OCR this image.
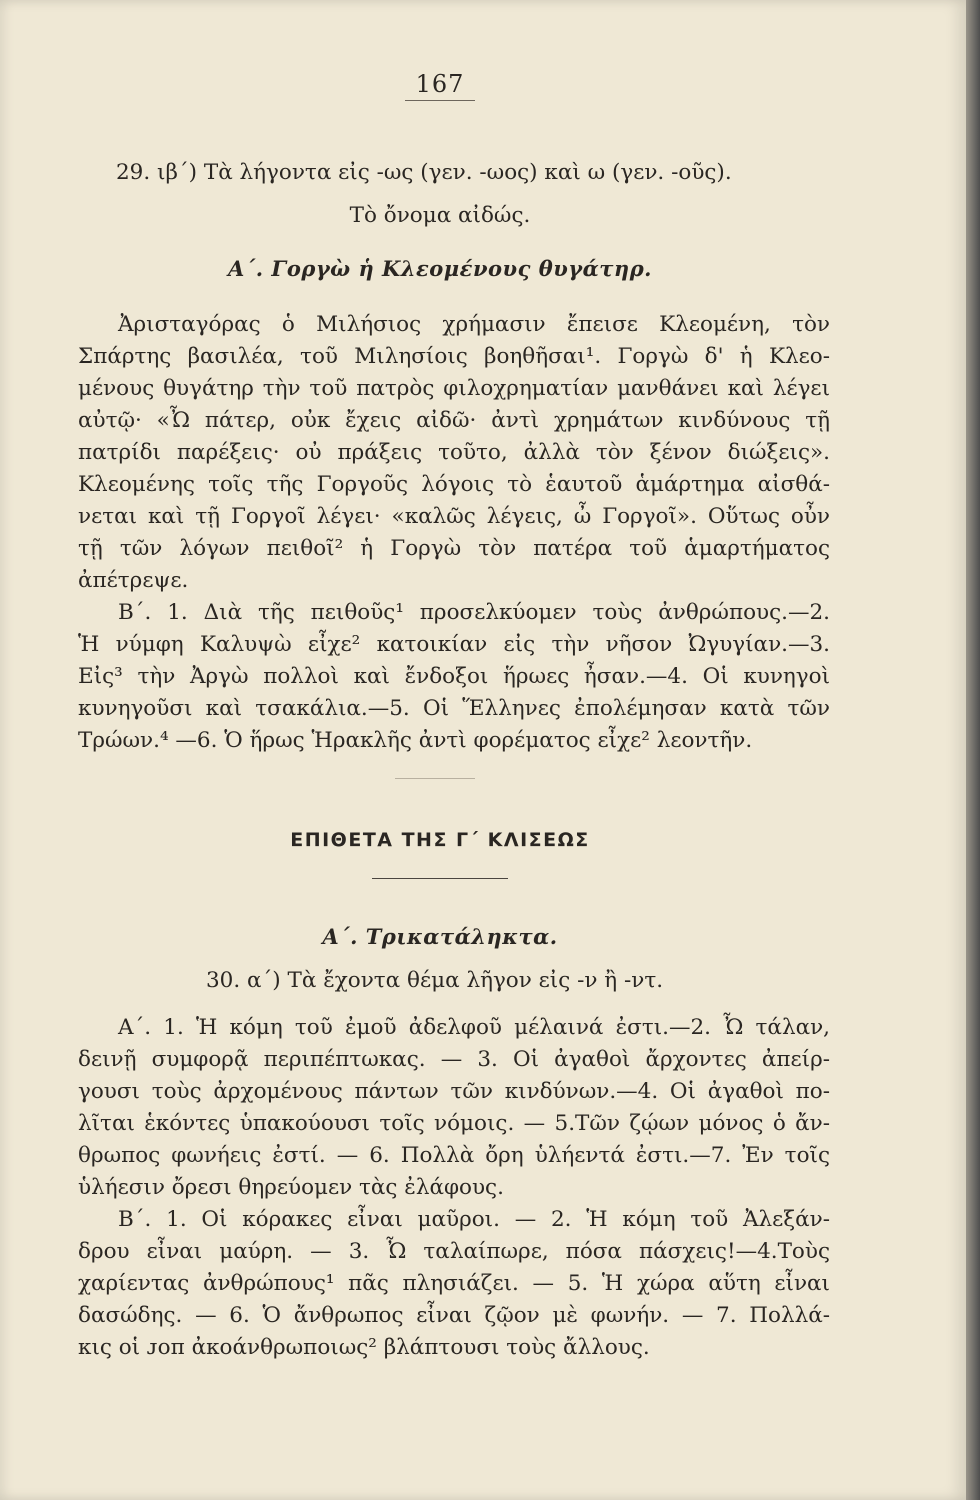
167
29. ιβ΄) Τὰ λήγοντα εἰς -ως (γεν. -ωος) καὶ ω (γεν. -οῦς).
Τὸ ὄνομα αἰδώς.
Α΄. Γοργὼ ἡ Κλεομένους θυγάτηρ.
Ἀρισταγόρας ὁ Μιλήσιος χρήμασιν ἔπεισε Κλεομένη, τὸν
Σπάρτης βασιλέα, τοῦ Μιλησίοις βοηθῆσαι¹. Γοργὼ δ' ἡ Κλεο-
μένους θυγάτηρ τὴν τοῦ πατρὸς φιλοχρηματίαν μανθάνει καὶ λέγει
αὐτῷ· «Ὦ πάτερ, οὐκ ἔχεις αἰδῶ· ἀντὶ χρημάτων κινδύνους τῇ
πατρίδι παρέξεις· οὐ πράξεις τοῦτο, ἀλλὰ τὸν ξένον διώξεις».
Κλεομένης τοῖς τῆς Γοργοῦς λόγοις τὸ ἑαυτοῦ ἁμάρτημα αἰσθά-
νεται καὶ τῇ Γοργοῖ λέγει· «καλῶς λέγεις, ὦ Γοργοῖ». Οὕτως οὖν
τῇ τῶν λόγων πειθοῖ² ἡ Γοργὼ τὸν πατέρα τοῦ ἁμαρτήματος
ἀπέτρεψε.
Β΄. 1. Διὰ τῆς πειθοῦς¹ προσελκύομεν τοὺς ἀνθρώπους.—2.
Ἡ νύμφη Καλυψὼ εἶχε² κατοικίαν εἰς τὴν νῆσον Ὠγυγίαν.—3.
Εἰς³ τὴν Ἀργὼ πολλοὶ καὶ ἔνδοξοι ἥρωες ἦσαν.—4. Οἱ κυνηγοὶ
κυνηγοῦσι καὶ τσακάλια.—5. Οἱ Ἕλληνες ἐπολέμησαν κατὰ τῶν
Τρώων.⁴ —6. Ὁ ἥρως Ἡρακλῆς ἀντὶ φορέματος εἶχε² λεοντῆν.
ΕΠΙΘΕΤΑ ΤΗΣ Γ΄ ΚΛΙΣΕΩΣ
Α΄. Τρικατάληκτα.
30. α΄) Τὰ ἔχοντα θέμα λῆγον εἰς -ν ἢ -ντ.
Α΄. 1. Ἡ κόμη τοῦ ἐμοῦ ἀδελφοῦ μέλαινά ἐστι.—2. Ὦ τάλαν,
δεινῇ συμφορᾷ περιπέπτωκας. — 3. Οἱ ἀγαθοὶ ἄρχοντες ἀπείρ-
γουσι τοὺς ἀρχομένους πάντων τῶν κινδύνων.—4. Οἱ ἀγαθοὶ πο-
λῖται ἑκόντες ὑπακούουσι τοῖς νόμοις. — 5.Τῶν ζῴων μόνος ὁ ἄν-
θρωπος φωνήεις ἐστί. — 6. Πολλὰ ὄρη ὑλήεντά ἐστι.—7. Ἐν τοῖς
ὑλήεσιν ὄρεσι θηρεύομεν τὰς ἐλάφους.
Β΄. 1. Οἱ κόρακες εἶναι μαῦροι. — 2. Ἡ κόμη τοῦ Ἀλεξάν-
δρου εἶναι μαύρη. — 3. Ὦ ταλαίπωρε, πόσα πάσχεις!—4.Τοὺς
χαρίεντας ἀνθρώπους¹ πᾶς πλησιάζει. — 5. Ἡ χώρα αὕτη εἶναι
δασώδης. — 6. Ὁ ἄνθρωπος εἶναι ζῷον μὲ φωνήν. — 7. Πολλά-
κις οἱ ᴊοπ ἀκοάνθρωποιως² βλάπτουσι τοὺς ἄλλους.
